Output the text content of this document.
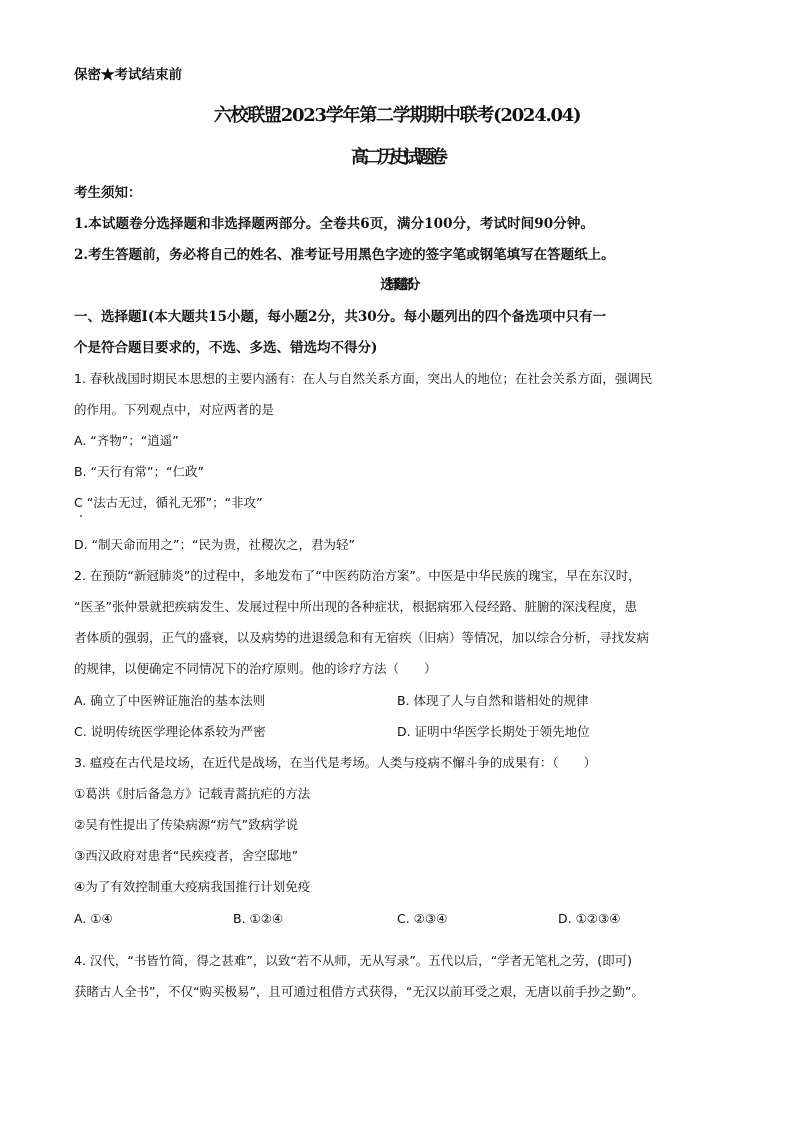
保密★考试结束前
六校联盟2023学年第二学期期中联考(2024.04)
高二历史试题卷
考生须知：
1.本试题卷分选择题和非选择题两部分。全卷共6页，满分100分，考试时间90分钟。
2.考生答题前，务必将自己的姓名、准考证号用黑色字迹的签字笔或钢笔填写在答题纸上。
选择题部分
一、选择题Ⅰ(本大题共15小题，每小题2分，共30分。每小题列出的四个备选项中只有一
个是符合题目要求的，不选、多选、错选均不得分)
1. 春秋战国时期民本思想的主要内涵有：在人与自然关系方面，突出人的地位；在社会关系方面，强调民
的作用。下列观点中，对应两者的是
A. “齐物”；“逍遥”
B. “天行有常”；“仁政”
C “法古无过，循礼无邪”；“非攻”
D. “制天命而用之”；“民为贵，社稷次之，君为轻”
2. 在预防“新冠肺炎”的过程中，多地发布了“中医药防治方案”。中医是中华民族的瑰宝，早在东汉时，
“医圣”张仲景就把疾病发生、发展过程中所出现的各种症状，根据病邪入侵经路、脏腑的深浅程度，患
者体质的强弱，正气的盛衰，以及病势的进退缓急和有无宿疾（旧病）等情况，加以综合分析，寻找发病
的规律，以便确定不同情况下的治疗原则。他的诊疗方法（　　）
A. 确立了中医辨证施治的基本法则	B. 体现了人与自然和谐相处的规律
C. 说明传统医学理论体系较为严密	D. 证明中华医学长期处于领先地位
3. 瘟疫在古代是坟场，在近代是战场，在当代是考场。人类与疫病不懈斗争的成果有：（　　）
①葛洪《肘后备急方》记载青蒿抗疟的方法
②吴有性提出了传染病源“疠气”致病学说
③西汉政府对患者“民疾疫者，舍空邸地”
④为了有效控制重大疫病我国推行计划免疫
A. ①④	B. ①②④	C. ②③④	D. ①②③④
4. 汉代，“书皆竹简，得之甚难”，以致“若不从师，无从写录”。五代以后，“学者无笔札之劳，(即可)
获睹古人全书”，不仅“购买极易”，且可通过租借方式获得，“无汉以前耳受之艰，无唐以前手抄之勤”。
